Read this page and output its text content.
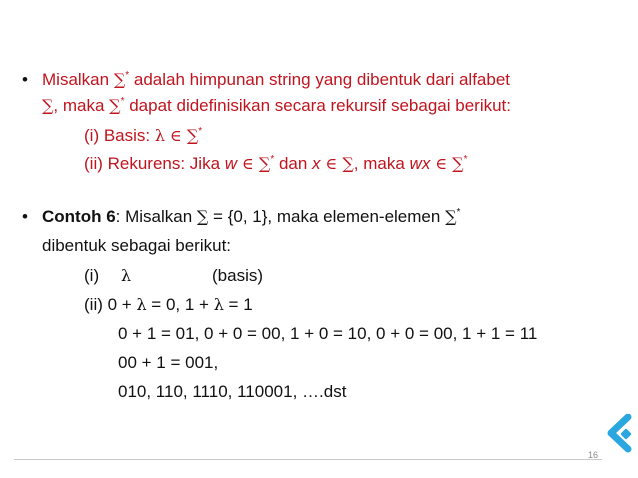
• Misalkan ∑* adalah himpunan string yang dibentuk dari alfabet
∑, maka ∑* dapat didefinisikan secara rekursif sebagai berikut:
(i) Basis: λ ∈ ∑*
(ii) Rekurens: Jika w ∈ ∑* dan x ∈ ∑, maka wx ∈ ∑*
• Contoh 6: Misalkan ∑ = {0, 1}, maka elemen-elemen ∑*
dibentuk sebagai berikut:
(i) λ	(basis)
(ii) 0 + λ = 0, 1 + λ = 1
0 + 1 = 01, 0 + 0 = 00, 1 + 0 = 10, 0 + 0 = 00, 1 + 1 = 11
00 + 1 = 001,
010, 110, 1110, 110001, ….dst
16
